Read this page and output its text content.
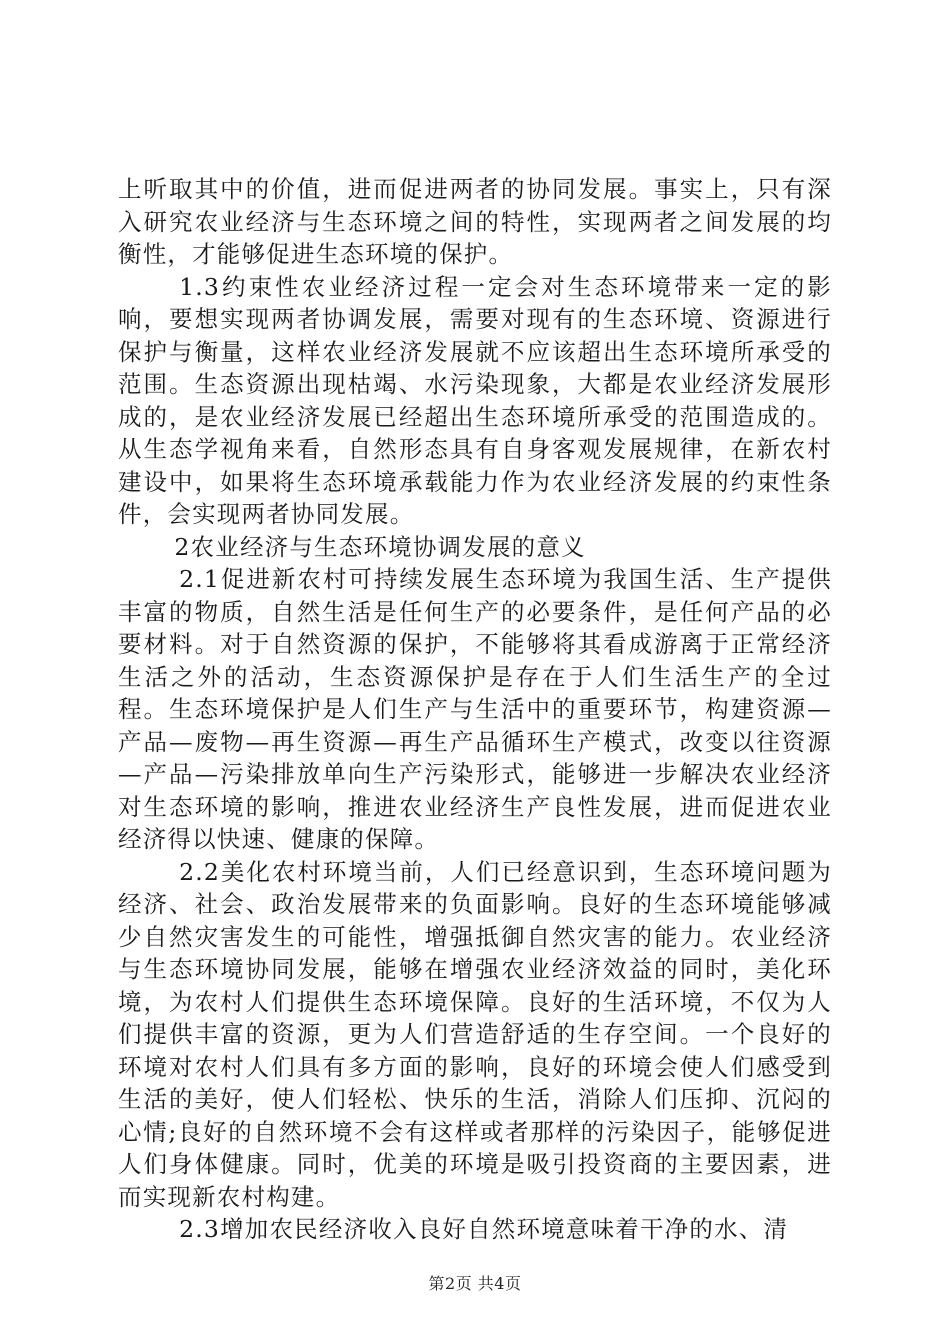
上听取其中的价值，进而促进两者的协同发展。事实上，只有深入研究农业经济与生态环境之间的特性，实现两者之间发展的均衡性，才能够促进生态环境的保护。

1.3约束性农业经济过程一定会对生态环境带来一定的影响，要想实现两者协调发展，需要对现有的生态环境、资源进行保护与衡量，这样农业经济发展就不应该超出生态环境所承受的范围。生态资源出现枯竭、水污染现象，大都是农业经济发展形成的，是农业经济发展已经超出生态环境所承受的范围造成的。从生态学视角来看，自然形态具有自身客观发展规律，在新农村建设中，如果将生态环境承载能力作为农业经济发展的约束性条件，会实现两者协同发展。

2农业经济与生态环境协调发展的意义

2.1促进新农村可持续发展生态环境为我国生活、生产提供丰富的物质，自然生活是任何生产的必要条件，是任何产品的必要材料。对于自然资源的保护，不能够将其看成游离于正常经济生活之外的活动，生态资源保护是存在于人们生活生产的全过程。生态环境保护是人们生产与生活中的重要环节，构建资源—产品—废物—再生资源—再生产品循环生产模式，改变以往资源—产品—污染排放单向生产污染形式，能够进一步解决农业经济对生态环境的影响，推进农业经济生产良性发展，进而促进农业经济得以快速、健康的保障。

2.2美化农村环境当前，人们已经意识到，生态环境问题为经济、社会、政治发展带来的负面影响。良好的生态环境能够减少自然灾害发生的可能性，增强抵御自然灾害的能力。农业经济与生态环境协同发展，能够在增强农业经济效益的同时，美化环境，为农村人们提供生态环境保障。良好的生活环境，不仅为人们提供丰富的资源，更为人们营造舒适的生存空间。一个良好的环境对农村人们具有多方面的影响，良好的环境会使人们感受到生活的美好，使人们轻松、快乐的生活，消除人们压抑、沉闷的心情;良好的自然环境不会有这样或者那样的污染因子，能够促进人们身体健康。同时，优美的环境是吸引投资商的主要因素，进而实现新农村构建。

2.3增加农民经济收入良好自然环境意味着干净的水、清

第2页 共4页
